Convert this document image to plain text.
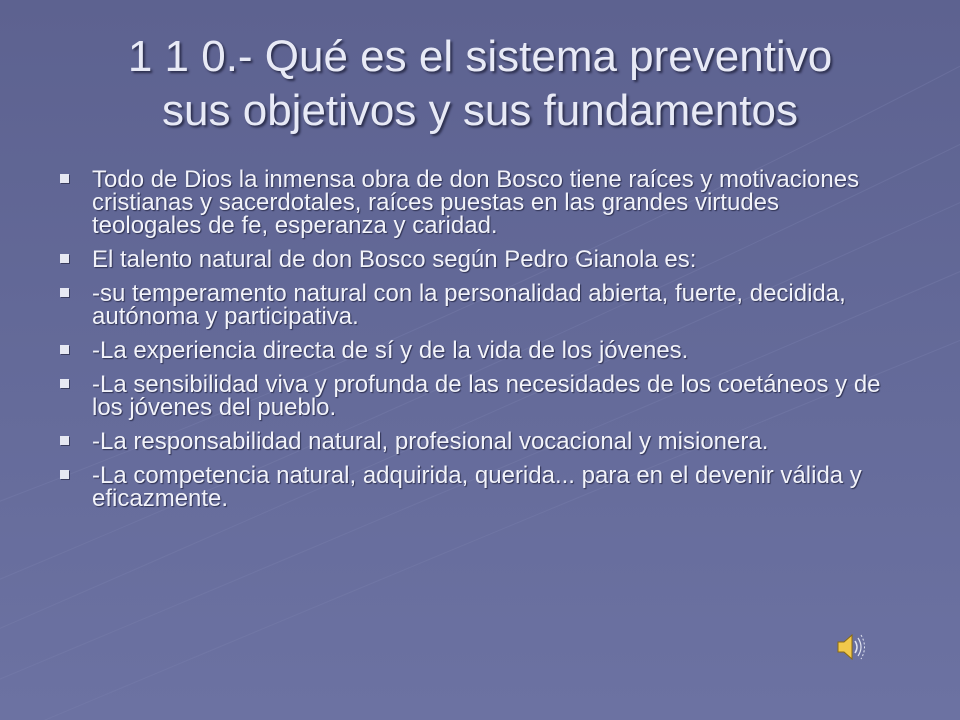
1 1 0.- Qué es el sistema preventivo
sus objetivos y sus fundamentos
Todo de Dios la inmensa obra de don Bosco tiene raíces y motivaciones cristianas y sacerdotales, raíces puestas en las grandes virtudes teologales de fe, esperanza y caridad.
El talento natural de don Bosco según Pedro Gianola es:
-su temperamento natural con la personalidad abierta, fuerte, decidida, autónoma y participativa.
-La experiencia directa de sí y de la vida de los jóvenes.
-La sensibilidad viva y profunda de las necesidades de los coetáneos y de los jóvenes del pueblo.
-La responsabilidad natural, profesional vocacional y misionera.
-La competencia natural, adquirida, querida... para en el devenir válida y eficazmente.
